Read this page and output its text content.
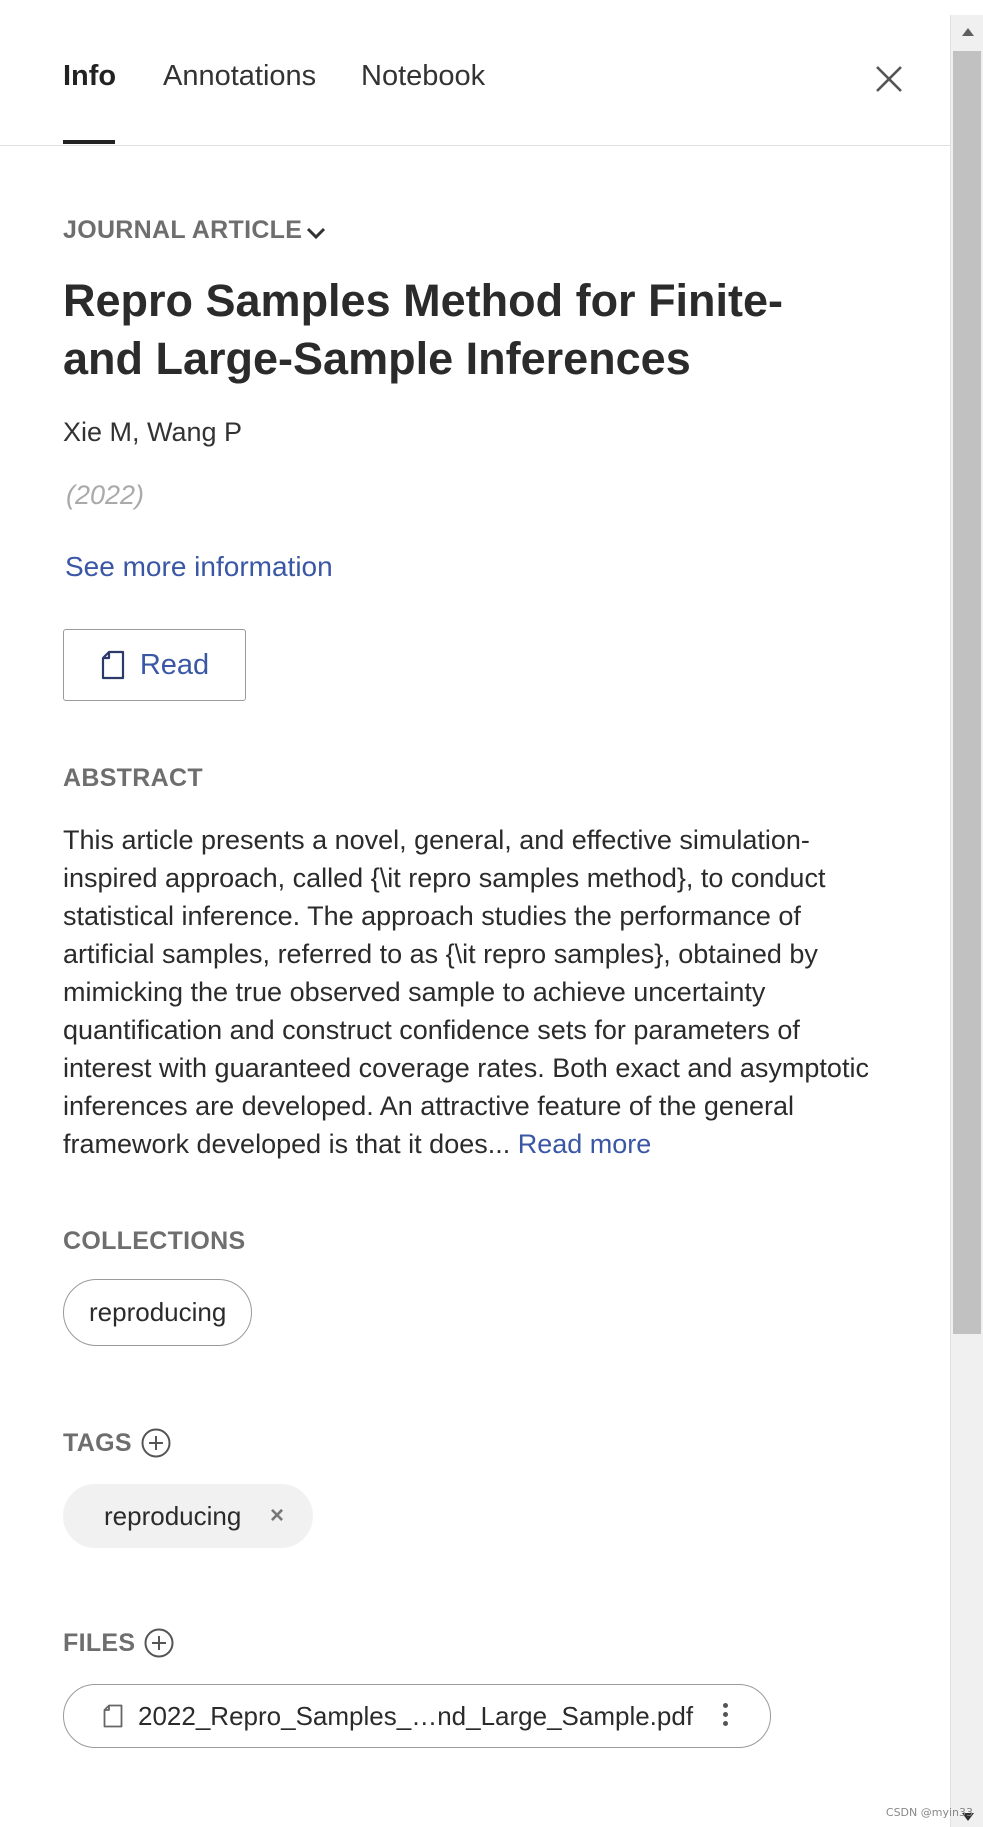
Info Annotations Notebook
JOURNAL ARTICLE
Repro Samples Method for Finite- and Large-Sample Inferences
Xie M, Wang P
(2022)
See more information
Read
ABSTRACT
This article presents a novel, general, and effective simulation-inspired approach, called {\it repro samples method}, to conduct statistical inference. The approach studies the performance of artificial samples, referred to as {\it repro samples}, obtained by mimicking the true observed sample to achieve uncertainty quantification and construct confidence sets for parameters of interest with guaranteed coverage rates. Both exact and asymptotic inferences are developed. An attractive feature of the general framework developed is that it does... Read more
COLLECTIONS
reproducing
TAGS
reproducing ×
FILES
2022_Repro_Samples_…nd_Large_Sample.pdf
CSDN @myin33
